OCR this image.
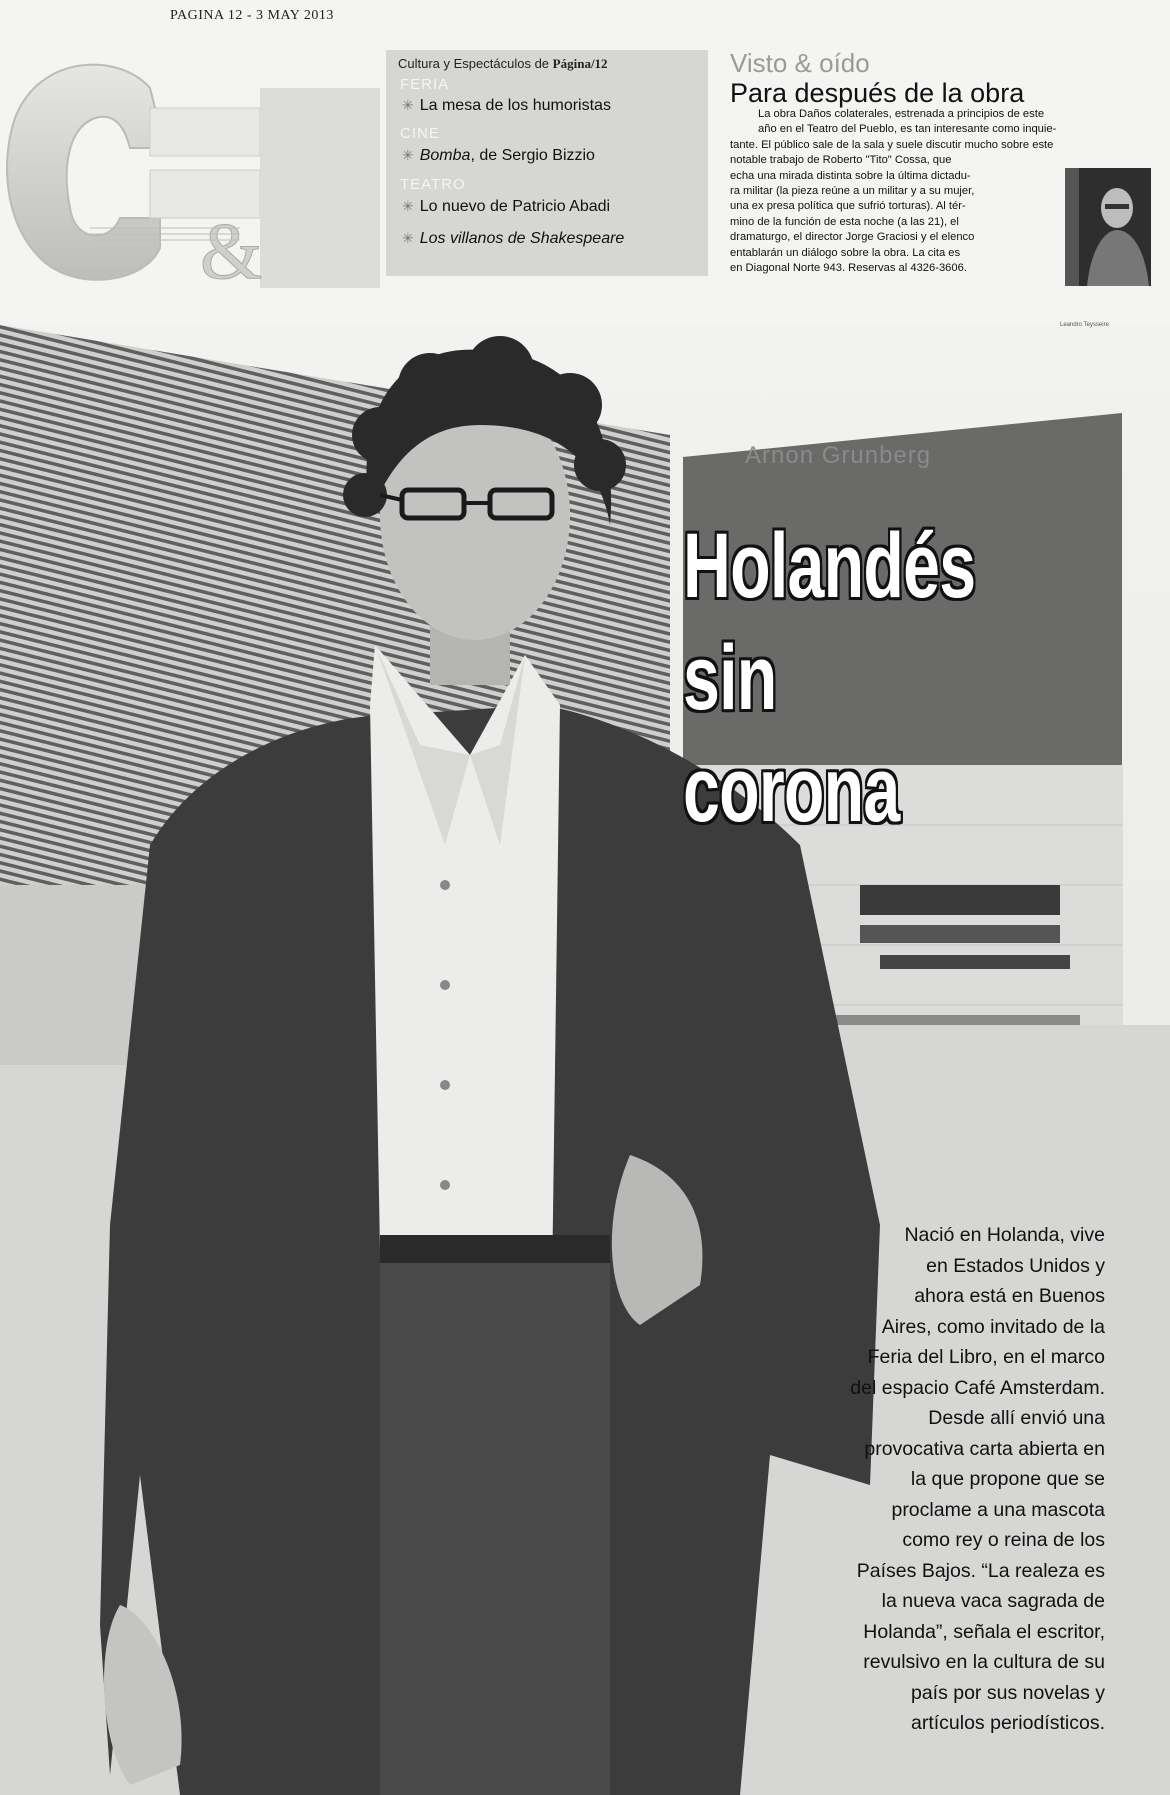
PAGINA 12 - 3 MAY 2013
&
Cultura y Espectáculos de Página/12
FERIA
✳ La mesa de los humoristas
CINE
✳ Bomba, de Sergio Bizzio
TEATRO
✳ Lo nuevo de Patricio Abadi
✳ Los villanos de Shakespeare
Visto & oído
Para después de la obra
La obra Daños colaterales, estrenada a principios de este
año en el Teatro del Pueblo, es tan interesante como inquie-
tante. El público sale de la sala y suele discutir mucho sobre este
notable trabajo de Roberto "Tito" Cossa, que
echa una mirada distinta sobre la última dictadu-
ra militar (la pieza reúne a un militar y a su mujer,
una ex presa política que sufrió torturas). Al tér-
mino de la función de esta noche (a las 21), el
dramaturgo, el director Jorge Graciosi y el elenco
entablarán un diálogo sobre la obra. La cita es
en Diagonal Norte 943. Reservas al 4326-3606.
Leandro Teysseire
Arnon Grunberg
Holandés
sin corona
Nació en Holanda, vive
en Estados Unidos y
ahora está en Buenos
Aires, como invitado de la
Feria del Libro, en el marco
del espacio Café Amsterdam.
Desde allí envió una
provocativa carta abierta en
la que propone que se
proclame a una mascota
como rey o reina de los
Países Bajos. “La realeza es
la nueva vaca sagrada de
Holanda”, señala el escritor,
revulsivo en la cultura de su
país por sus novelas y
artículos periodísticos.
